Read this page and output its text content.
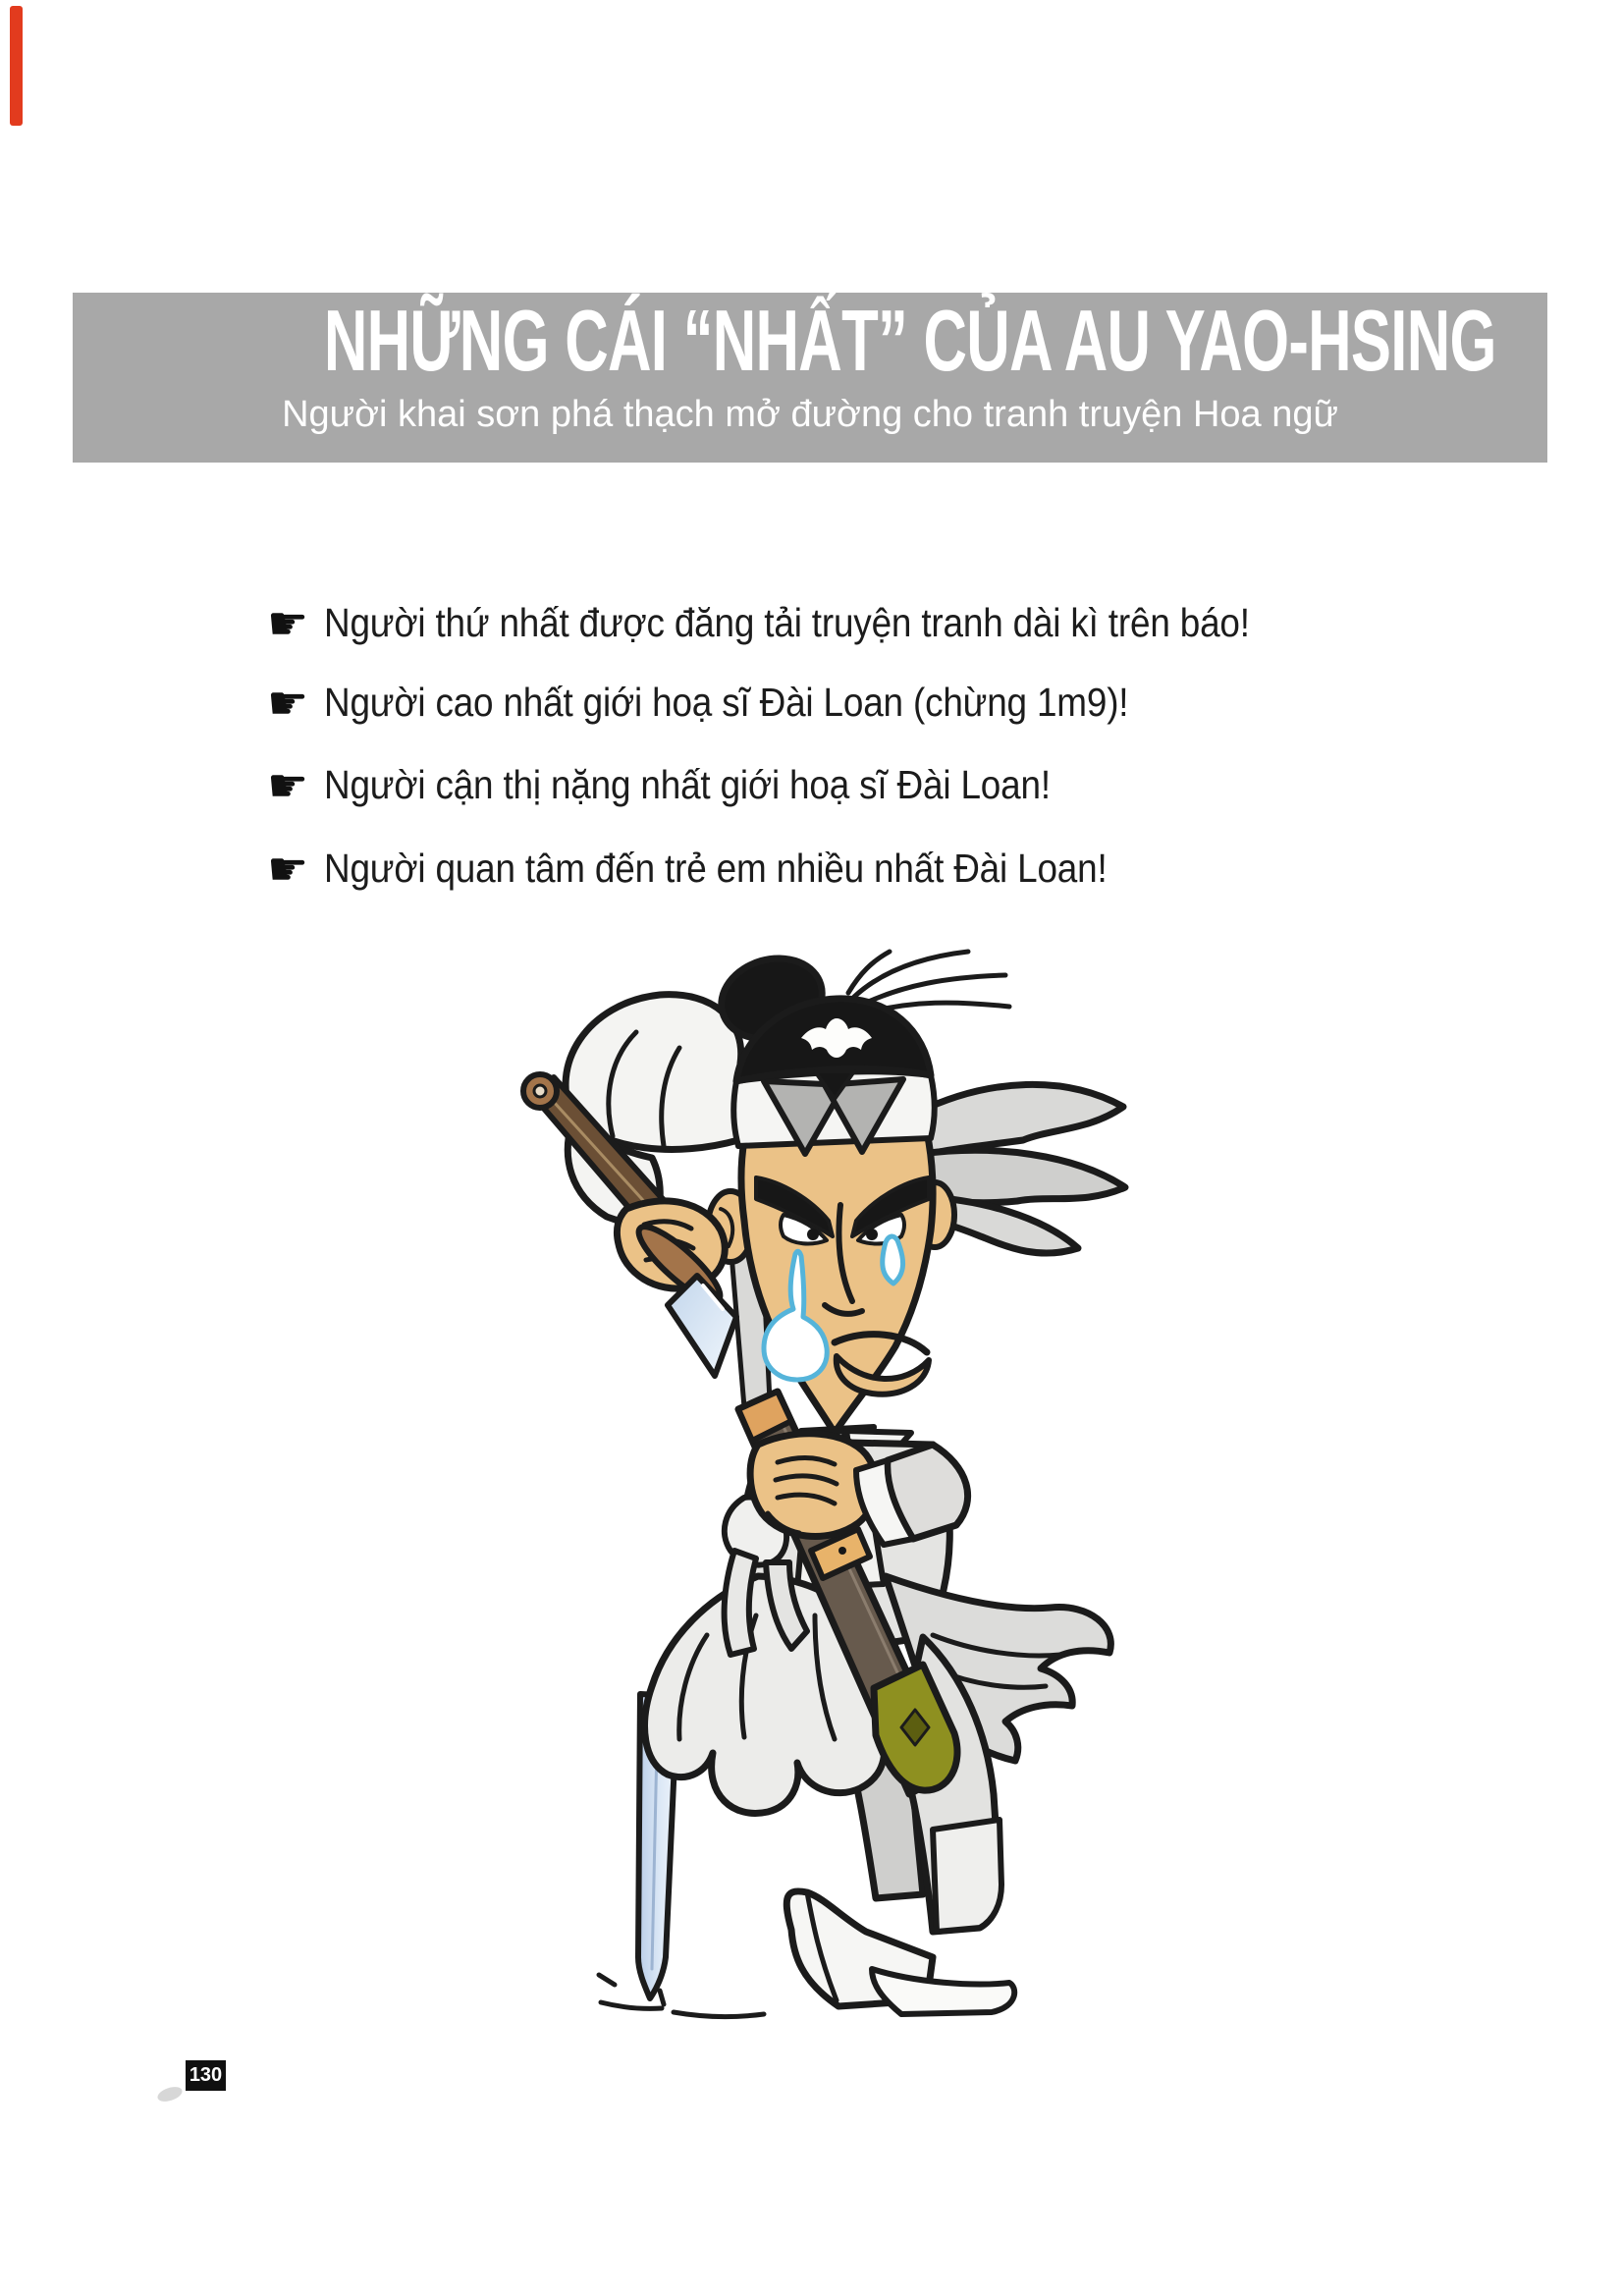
NHỮNG CÁI “NHẤT” CỦA AU YAO-HSING
Người khai sơn phá thạch mở đường cho tranh truyện Hoa ngữ
☛ Người thứ nhất được đăng tải truyện tranh dài kì trên báo!
☛ Người cao nhất giới hoạ sĩ Đài Loan (chừng 1m9)!
☛ Người cận thị nặng nhất giới hoạ sĩ Đài Loan!
☛ Người quan tâm đến trẻ em nhiều nhất Đài Loan!
130
